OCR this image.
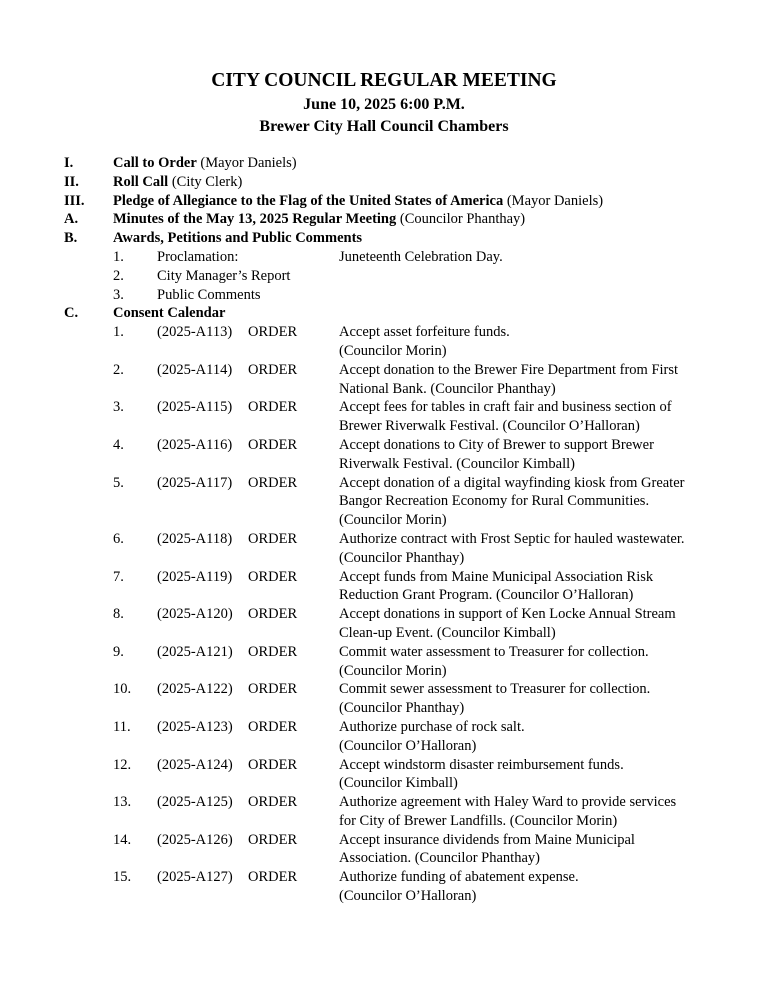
CITY COUNCIL REGULAR MEETING
June 10, 2025 6:00 P.M.
Brewer City Hall Council Chambers
I.	Call to Order (Mayor Daniels)
II.	Roll Call (City Clerk)
III.	Pledge of Allegiance to the Flag of the United States of America (Mayor Daniels)
A.	Minutes of the May 13, 2025 Regular Meeting (Councilor Phanthay)
B.	Awards, Petitions and Public Comments
1.	Proclamation:	Juneteenth Celebration Day.
2.	City Manager’s Report
3.	Public Comments
C.	Consent Calendar
1.	(2025-A113)	ORDER	Accept asset forfeiture funds.
(Councilor Morin)
2.	(2025-A114)	ORDER	Accept donation to the Brewer Fire Department from First
National Bank. (Councilor Phanthay)
3.	(2025-A115)	ORDER	Accept fees for tables in craft fair and business section of
Brewer Riverwalk Festival. (Councilor O’Halloran)
4.	(2025-A116)	ORDER	Accept donations to City of Brewer to support Brewer
Riverwalk Festival. (Councilor Kimball)
5.	(2025-A117)	ORDER	Accept donation of a digital wayfinding kiosk from Greater
Bangor Recreation Economy for Rural Communities.
(Councilor Morin)
6.	(2025-A118)	ORDER	Authorize contract with Frost Septic for hauled wastewater.
(Councilor Phanthay)
7.	(2025-A119)	ORDER	Accept funds from Maine Municipal Association Risk
Reduction Grant Program. (Councilor O’Halloran)
8.	(2025-A120)	ORDER	Accept donations in support of Ken Locke Annual Stream
Clean-up Event. (Councilor Kimball)
9.	(2025-A121)	ORDER	Commit water assessment to Treasurer for collection.
(Councilor Morin)
10.	(2025-A122)	ORDER	Commit sewer assessment to Treasurer for collection.
(Councilor Phanthay)
11.	(2025-A123)	ORDER	Authorize purchase of rock salt.
(Councilor O’Halloran)
12.	(2025-A124)	ORDER	Accept windstorm disaster reimbursement funds.
(Councilor Kimball)
13.	(2025-A125)	ORDER	Authorize agreement with Haley Ward to provide services
for City of Brewer Landfills. (Councilor Morin)
14.	(2025-A126)	ORDER	Accept insurance dividends from Maine Municipal
Association. (Councilor Phanthay)
15.	(2025-A127)	ORDER	Authorize funding of abatement expense.
(Councilor O’Halloran)
